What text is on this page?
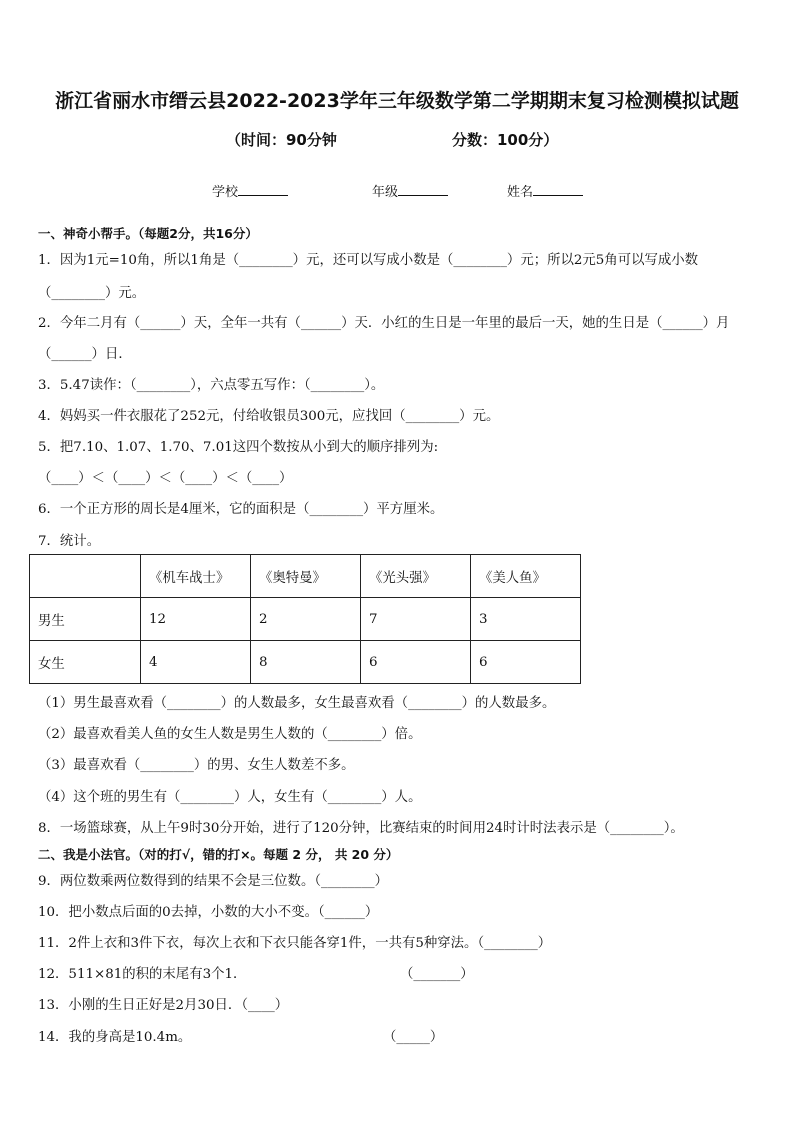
浙江省丽水市缙云县2022-2023学年三年级数学第二学期期末复习检测模拟试题
（时间：90分钟	分数：100分）
学校	年级	姓名
一、神奇小帮手。（每题2分，共16分）
1．因为1元=10角，所以1角是（________）元，还可以写成小数是（________）元；所以2元5角可以写成小数
（________）元。
2．今年二月有（______）天，全年一共有（______）天．小红的生日是一年里的最后一天，她的生日是（______）月
（______）日．
3．5.47读作：（________），六点零五写作：（________）。
4．妈妈买一件衣服花了252元，付给收银员300元，应找回（________）元。
5．把7.10、1.07、1.70、7.01这四个数按从小到大的顺序排列为:
（____）＜（____）＜（____）＜（____）
6．一个正方形的周长是4厘米，它的面积是（________）平方厘米。
7．统计。
	《机车战士》	《奥特曼》	《光头强》	《美人鱼》
男生	12	2	7	3
女生	4	8	6	6
（1）男生最喜欢看（________）的人数最多，女生最喜欢看（________）的人数最多。
（2）最喜欢看美人鱼的女生人数是男生人数的（________）倍。
（3）最喜欢看（________）的男、女生人数差不多。
（4）这个班的男生有（________）人，女生有（________）人。
8．一场篮球赛，从上午9时30分开始，进行了120分钟，比赛结束的时间用24时计时法表示是（________）。
二、我是小法官。（对的打√，错的打×。每题 2 分， 共 20 分）
9．两位数乘两位数得到的结果不会是三位数。（________）
10．把小数点后面的0去掉，小数的大小不变。（______）
11．2件上衣和3件下衣，每次上衣和下衣只能各穿1件，一共有5种穿法。（________）
12．511×81的积的末尾有3个1．	（_______）
13．小刚的生日正好是2月30日．（____）
14．我的身高是10.4m。	（_____）
